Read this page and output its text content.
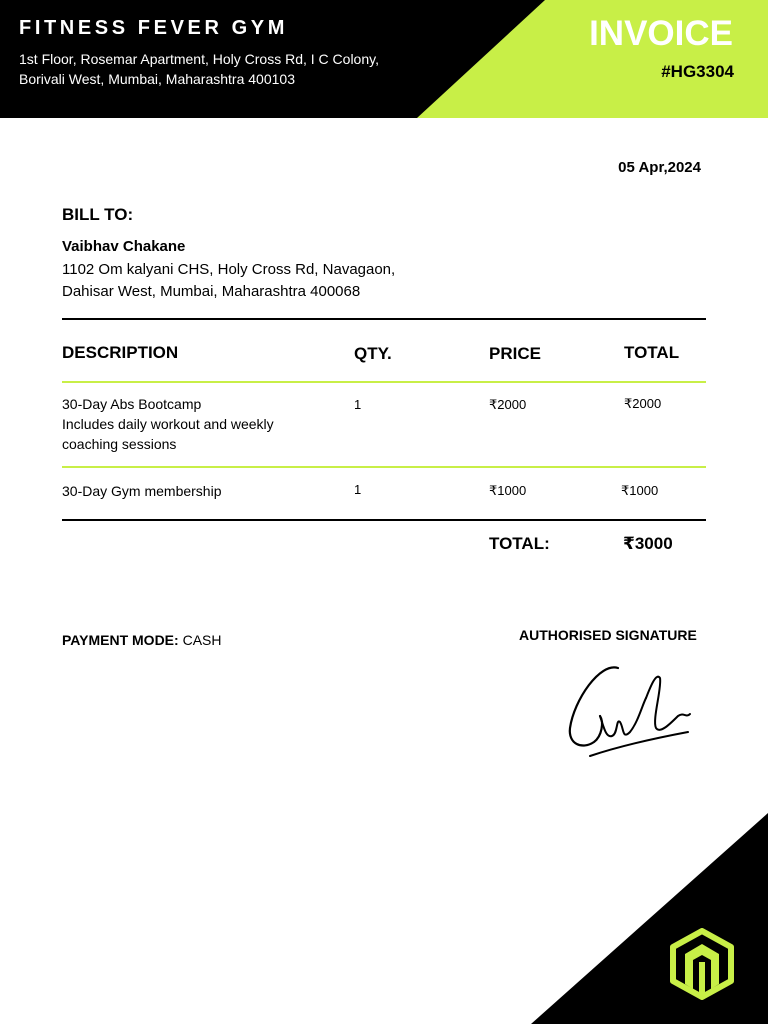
FITNESS FEVER GYM
1st Floor, Rosemar Apartment, Holy Cross Rd, I C Colony,
Borivali West, Mumbai, Maharashtra 400103
INVOICE
#HG3304
05 Apr,2024
BILL TO:
Vaibhav Chakane
1102 Om kalyani CHS, Holy Cross Rd, Navagaon,
Dahisar West, Mumbai, Maharashtra 400068
DESCRIPTION	QTY.	PRICE	TOTAL
30-Day Abs Bootcamp
Includes daily workout and weekly
coaching sessions
1	₹2000	₹2000
30-Day Gym membership	1	₹1000	₹1000
TOTAL:	₹3000
PAYMENT MODE: CASH	AUTHORISED SIGNATURE
